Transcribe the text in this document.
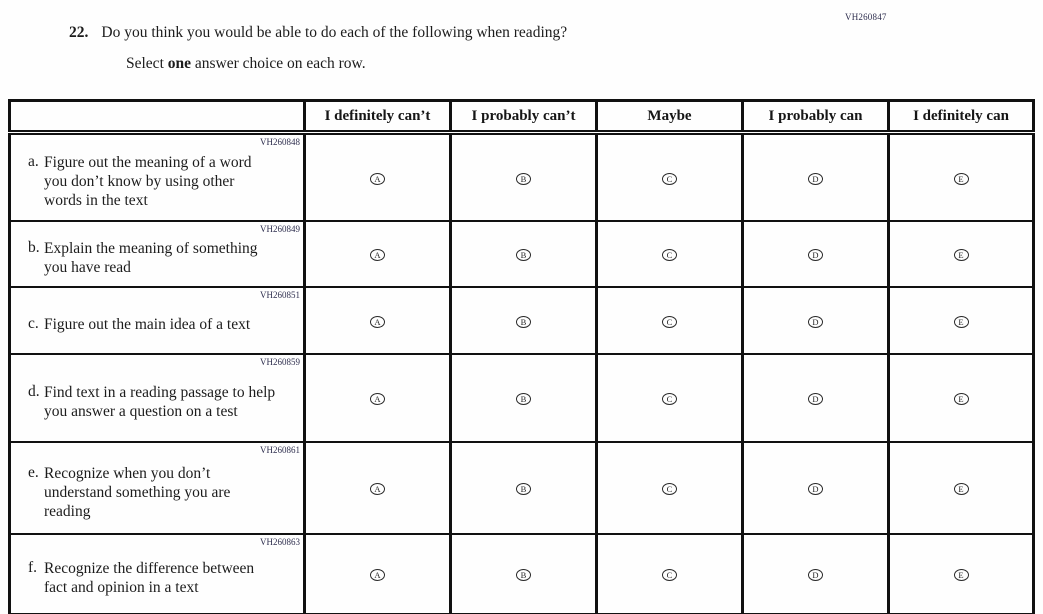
VH260847
22. Do you think you would be able to do each of the following when reading?
Select one answer choice on each row.
	I definitely can’t	I probably can’t	Maybe	I probably can	I definitely can

VH260848
a. Figure out the meaning of a word you don’t know by using other words in the text	A	B	C	D	E

VH260849
b. Explain the meaning of something you have read	A	B	C	D	E

VH260851
c. Figure out the main idea of a text	A	B	C	D	E

VH260859
d. Find text in a reading passage to help you answer a question on a test	A	B	C	D	E

VH260861
e. Recognize when you don’t understand something you are reading	A	B	C	D	E

VH260863
f. Recognize the difference between fact and opinion in a text	A	B	C	D	E
